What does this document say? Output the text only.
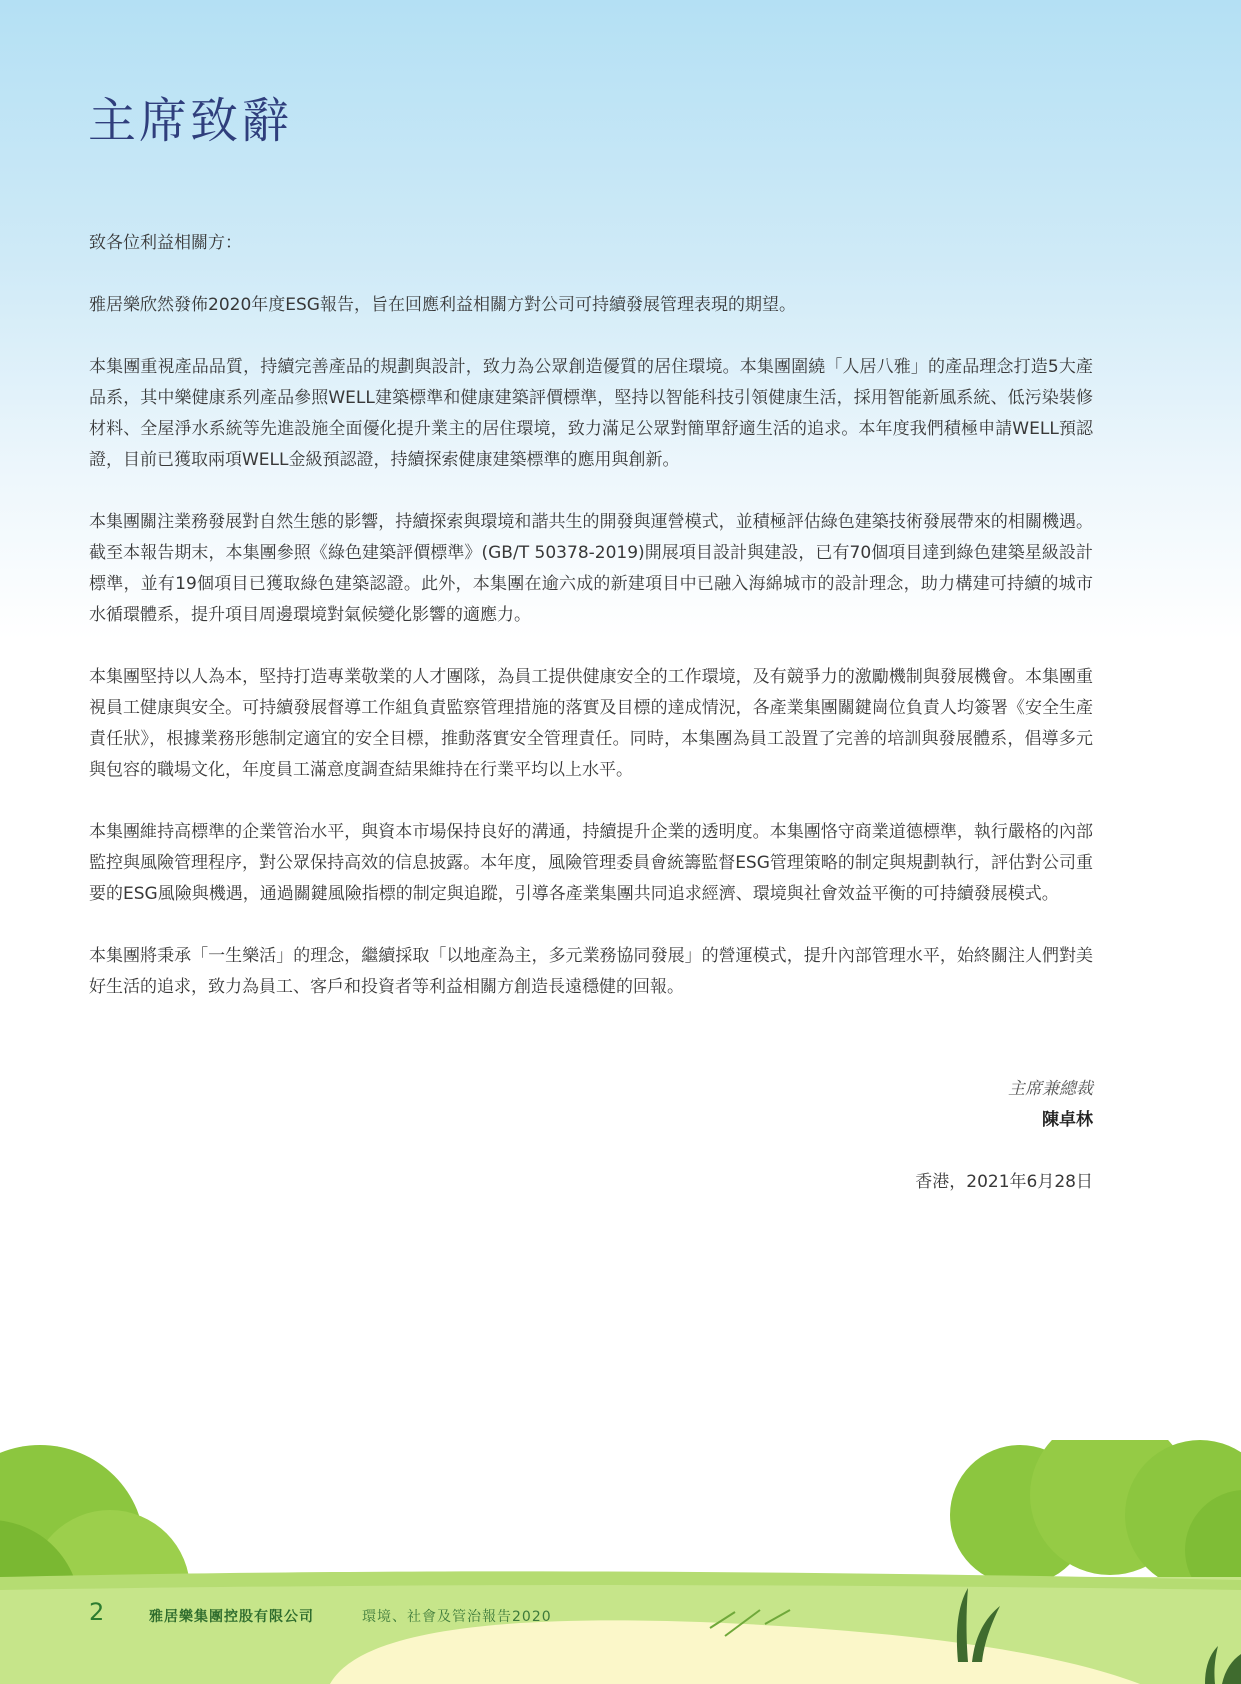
主席致辭

致各位利益相關方：

雅居樂欣然發佈2020年度ESG報告，旨在回應利益相關方對公司可持續發展管理表現的期望。

本集團重視產品品質，持續完善產品的規劃與設計，致力為公眾創造優質的居住環境。本集團圍繞「人居八雅」的產品理念打造5大產品系，其中樂健康系列產品參照WELL建築標準和健康建築評價標準，堅持以智能科技引領健康生活，採用智能新風系統、低污染裝修材料、全屋淨水系統等先進設施全面優化提升業主的居住環境，致力滿足公眾對簡單舒適生活的追求。本年度我們積極申請WELL預認證，目前已獲取兩項WELL金級預認證，持續探索健康建築標準的應用與創新。

本集團關注業務發展對自然生態的影響，持續探索與環境和諧共生的開發與運營模式，並積極評估綠色建築技術發展帶來的相關機遇。截至本報告期末，本集團參照《綠色建築評價標準》(GB/T 50378-2019)開展項目設計與建設，已有70個項目達到綠色建築星級設計標準，並有19個項目已獲取綠色建築認證。此外，本集團在逾六成的新建項目中已融入海綿城市的設計理念，助力構建可持續的城市水循環體系，提升項目周邊環境對氣候變化影響的適應力。

本集團堅持以人為本，堅持打造專業敬業的人才團隊，為員工提供健康安全的工作環境，及有競爭力的激勵機制與發展機會。本集團重視員工健康與安全。可持續發展督導工作組負責監察管理措施的落實及目標的達成情況，各產業集團關鍵崗位負責人均簽署《安全生產責任狀》，根據業務形態制定適宜的安全目標，推動落實安全管理責任。同時，本集團為員工設置了完善的培訓與發展體系，倡導多元與包容的職場文化，年度員工滿意度調查結果維持在行業平均以上水平。

本集團維持高標準的企業管治水平，與資本市場保持良好的溝通，持續提升企業的透明度。本集團恪守商業道德標準，執行嚴格的內部監控與風險管理程序，對公眾保持高效的信息披露。本年度，風險管理委員會統籌監督ESG管理策略的制定與規劃執行，評估對公司重要的ESG風險與機遇，通過關鍵風險指標的制定與追蹤，引導各產業集團共同追求經濟、環境與社會效益平衡的可持續發展模式。

本集團將秉承「一生樂活」的理念，繼續採取「以地產為主，多元業務協同發展」的營運模式，提升內部管理水平，始終關注人們對美好生活的追求，致力為員工、客戶和投資者等利益相關方創造長遠穩健的回報。

主席兼總裁
陳卓林
香港，2021年6月28日
2	雅居樂集團控股有限公司	環境、社會及管治報告2020
